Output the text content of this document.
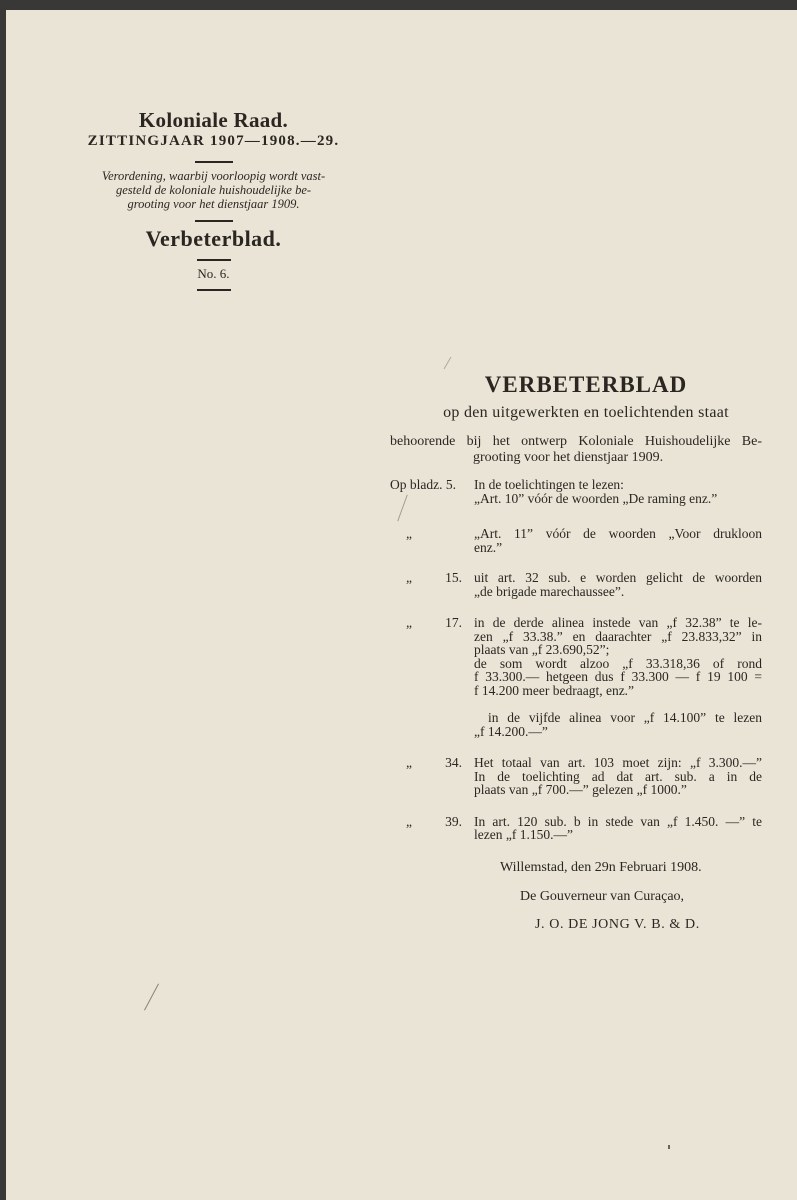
Koloniale Raad.
ZITTINGJAAR 1907—1908.—29.
Verordening, waarbij voorloopig wordt vast-
gesteld de koloniale huishoudelijke be-
grooting voor het dienstjaar 1909.
Verbeterblad.
No. 6.
VERBETERBLAD
op den uitgewerkten en toelichtenden staat
behoorende bij het ontwerp Koloniale Huishoudelijke Be-
grooting voor het dienstjaar 1909.
Op bladz. 5.	In de toelichtingen te lezen:
„Art. 10” vóór de woorden „De raming enz.”
„	„Art. 11” vóór de woorden „Voor drukloon
enz.”
„ 15. uit art. 32 sub. e worden gelicht de woorden
„de brigade marechaussee”.
„ 17. in de derde alinea instede van „f 32.38” te le-
zen „f 33.38.” en daarachter „f 23.833,32” in
plaats van „f 23.690,52”;
de som wordt alzoo „f 33.318,36 of rond
f 33.300.— hetgeen dus f 33.300 — f 19 100 =
f 14.200 meer bedraagt, enz.”
in de vijfde alinea voor „f 14.100” te lezen
„f 14.200.—”
„ 34. Het totaal van art. 103 moet zijn: „f 3.300.—”
In de toelichting ad dat art. sub. a in de
plaats van „f 700.—” gelezen „f 1000.”
„ 39. In art. 120 sub. b in stede van „f 1.450. —” te
lezen „f 1.150.—”
Willemstad, den 29n Februari 1908.
De Gouverneur van Curaçao,
J. O. DE JONG V. B. & D.
